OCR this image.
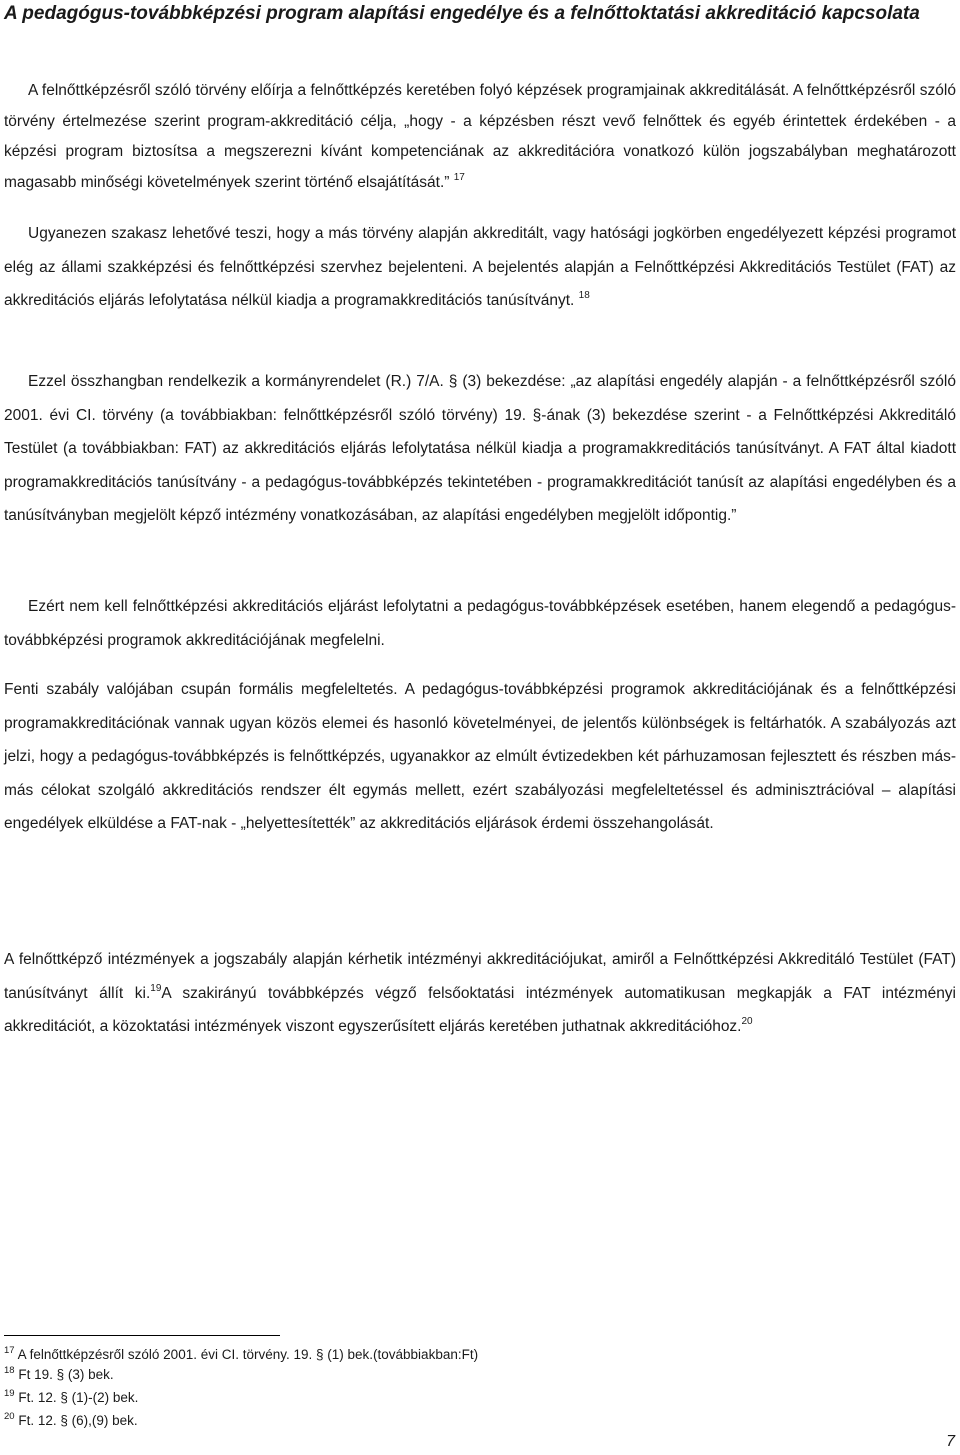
A pedagógus-továbbképzési program alapítási engedélye és a felnőttoktatási akkreditáció kapcsolata
A felnőttképzésről szóló törvény előírja a felnőttképzés keretében folyó képzések programjainak akkreditálását. A felnőttképzésről szóló törvény értelmezése szerint program-akkreditáció célja, „hogy - a képzésben részt vevő felnőttek és egyéb érintettek érdekében - a képzési program biztosítsa a megszerezni kívánt kompetenciának az akkreditációra vonatkozó külön jogszabályban meghatározott magasabb minőségi követelmények szerint történő elsajátítását.” $^{17}$
Ugyanezen szakasz lehetővé teszi, hogy a más törvény alapján akkreditált, vagy hatósági jogkörben engedélyezett képzési programot elég az állami szakképzési és felnőttképzési szervhez bejelenteni. A bejelentés alapján a Felnőttképzési Akkreditációs Testület (FAT) az akkreditációs eljárás lefolytatása nélkül kiadja a programakkreditációs tanúsítványt. $^{18}$
Ezzel összhangban rendelkezik a kormányrendelet (R.) 7/A. § (3) bekezdése: „az alapítási engedély alapján - a felnőttképzésről szóló 2001. évi CI. törvény (a továbbiakban: felnőttképzésről szóló törvény) 19. §-ának (3) bekezdése szerint - a Felnőttképzési Akkreditáló Testület (a továbbiakban: FAT) az akkreditációs eljárás lefolytatása nélkül kiadja a programakkreditációs tanúsítványt. A FAT által kiadott programakkreditációs tanúsítvány - a pedagógus-továbbképzés tekintetében - programakkreditációt tanúsít az alapítási engedélyben és a tanúsítványban megjelölt képző intézmény vonatkozásában, az alapítási engedélyben megjelölt időpontig.”
Ezért nem kell felnőttképzési akkreditációs eljárást lefolytatni a pedagógus-továbbképzések esetében, hanem elegendő a pedagógus-továbbképzési programok akkreditációjának megfelelni.
Fenti szabály valójában csupán formális megfeleltetés. A pedagógus-továbbképzési programok akkreditációjának és a felnőttképzési programakkreditációnak vannak ugyan közös elemei és hasonló követelményei, de jelentős különbségek is feltárhatók. A szabályozás azt jelzi, hogy a pedagógus-továbbképzés is felnőttképzés, ugyanakkor az elmúlt évtizedekben két párhuzamosan fejlesztett és részben más-más célokat szolgáló akkreditációs rendszer élt egymás mellett, ezért szabályozási megfeleltetéssel és adminisztrációval – alapítási engedélyek elküldése a FAT-nak - „helyettesítették” az akkreditációs eljárások érdemi összehangolását.
A felnőttképző intézmények a jogszabály alapján kérhetik intézményi akkreditációjukat, amiről a Felnőttképzési Akkreditáló Testület (FAT) tanúsítványt állít ki.$^{19}$A szakirányú továbbképzés végző felsőoktatási intézmények automatikusan megkapják a FAT intézményi akkreditációt, a közoktatási intézmények viszont egyszerűsített eljárás keretében juthatnak akkreditációhoz.$^{20}$
$^{17}$ A felnőttképzésről szóló 2001. évi CI. törvény. 19. § (1) bek.(továbbiakban:Ft)
$^{18}$ Ft 19. § (3) bek.
$^{19}$ Ft. 12. § (1)-(2) bek.
$^{20}$ Ft. 12. § (6),(9) bek.
7
